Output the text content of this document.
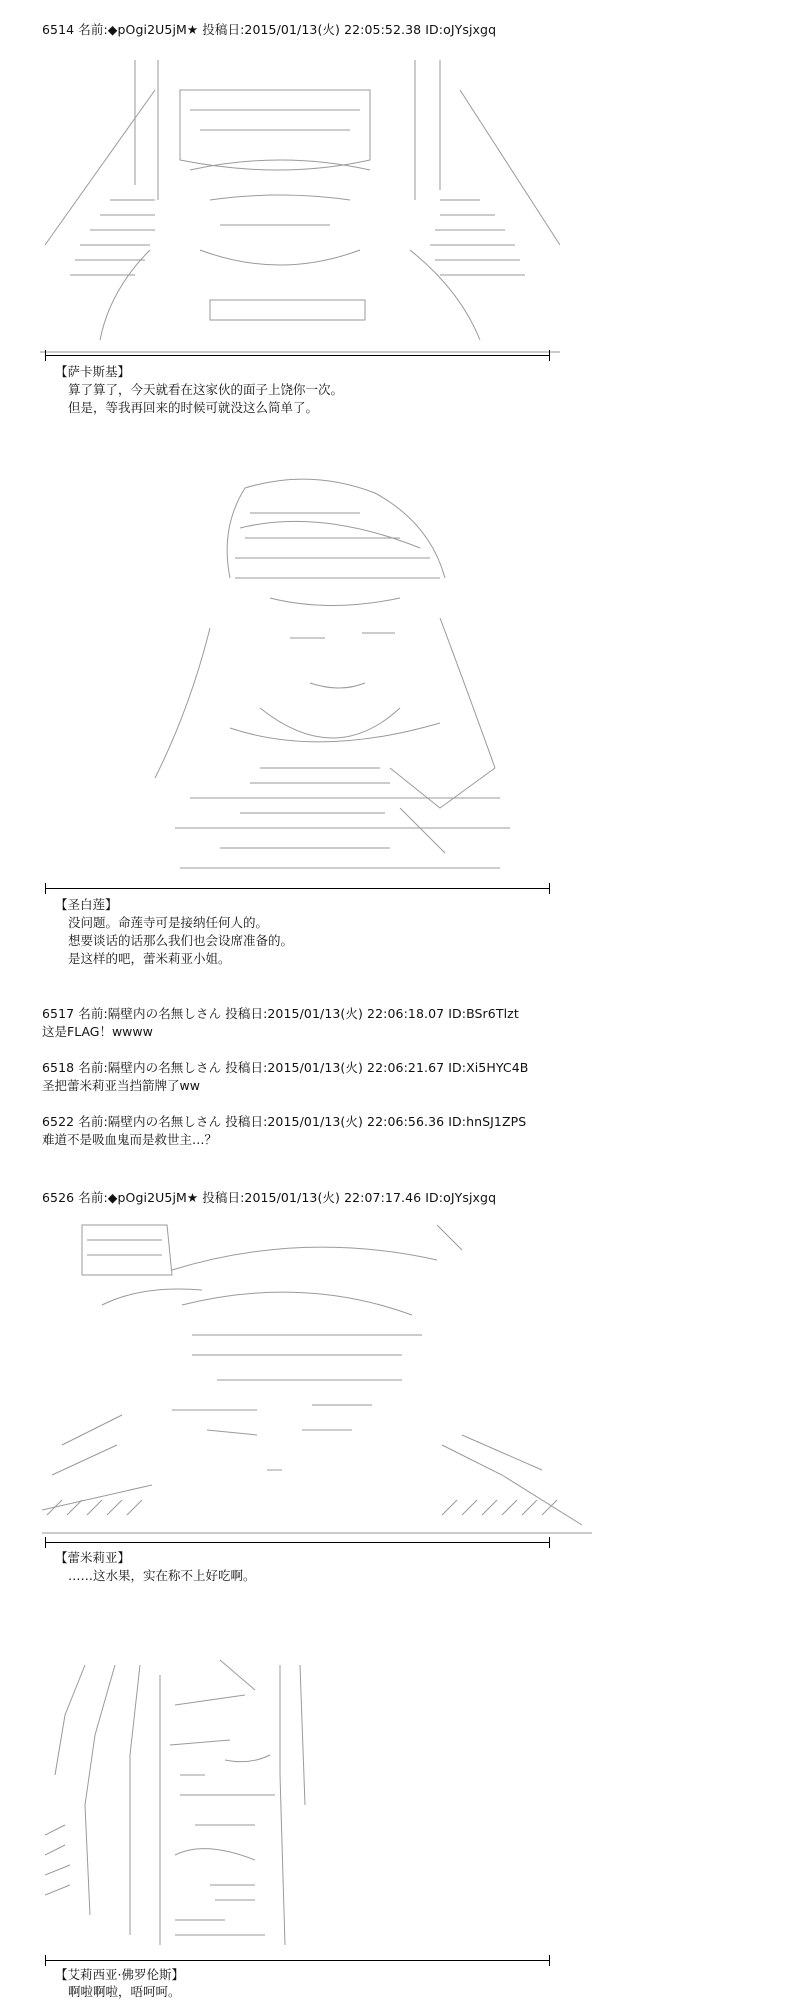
6514 名前:◆pOgi2U5jM★ 投稿日:2015/01/13(火) 22:05:52.38 ID:oJYsjxgq
【萨卡斯基】
算了算了，今天就看在这家伙的面子上饶你一次。
但是，等我再回来的时候可就没这么简单了。
【圣白莲】
没问题。命莲寺可是接纳任何人的。
想要谈话的话那么我们也会设席准备的。
是这样的吧，蕾米莉亚小姐。
6517 名前:隔壁内の名無しさん 投稿日:2015/01/13(火) 22:06:18.07 ID:BSr6Tlzt
这是FLAG！wwww
6518 名前:隔壁内の名無しさん 投稿日:2015/01/13(火) 22:06:21.67 ID:Xi5HYC4B
圣把蕾米莉亚当挡箭牌了ww
6522 名前:隔壁内の名無しさん 投稿日:2015/01/13(火) 22:06:56.36 ID:hnSJ1ZPS
难道不是吸血鬼而是救世主…？
6526 名前:◆pOgi2U5jM★ 投稿日:2015/01/13(火) 22:07:17.46 ID:oJYsjxgq
【蕾米莉亚】
……这水果，实在称不上好吃啊。
【艾莉西亚·佛罗伦斯】
啊啦啊啦，唔呵呵。
